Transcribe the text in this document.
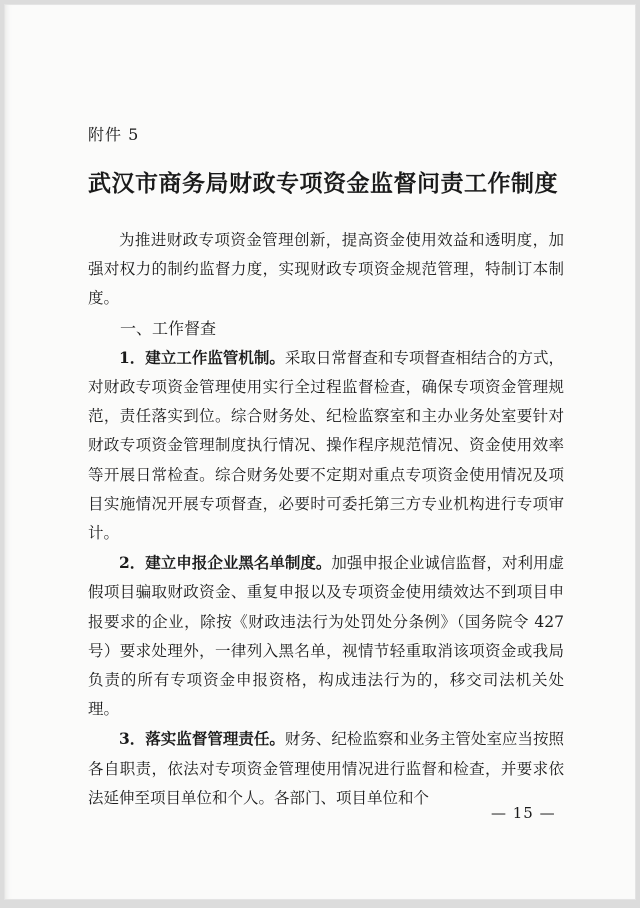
附件 5
武汉市商务局财政专项资金监督问责工作制度

为推进财政专项资金管理创新，提高资金使用效益和透明度，加强对权力的制约监督力度，实现财政专项资金规范管理，特制订本制度。

一、工作督查

1．建立工作监管机制。采取日常督查和专项督查相结合的方式，对财政专项资金管理使用实行全过程监督检查，确保专项资金管理规范，责任落实到位。综合财务处、纪检监察室和主办业务处室要针对财政专项资金管理制度执行情况、操作程序规范情况、资金使用效率等开展日常检查。综合财务处要不定期对重点专项资金使用情况及项目实施情况开展专项督查，必要时可委托第三方专业机构进行专项审计。

2．建立申报企业黑名单制度。加强申报企业诚信监督，对利用虚假项目骗取财政资金、重复申报以及专项资金使用绩效达不到项目申报要求的企业，除按《财政违法行为处罚处分条例》（国务院令 427 号）要求处理外，一律列入黑名单，视情节轻重取消该项资金或我局负责的所有专项资金申报资格，构成违法行为的，移交司法机关处理。

3．落实监督管理责任。财务、纪检监察和业务主管处室应当按照各自职责，依法对专项资金管理使用情况进行监督和检查，并要求依法延伸至项目单位和个人。各部门、项目单位和个

— 15 —
